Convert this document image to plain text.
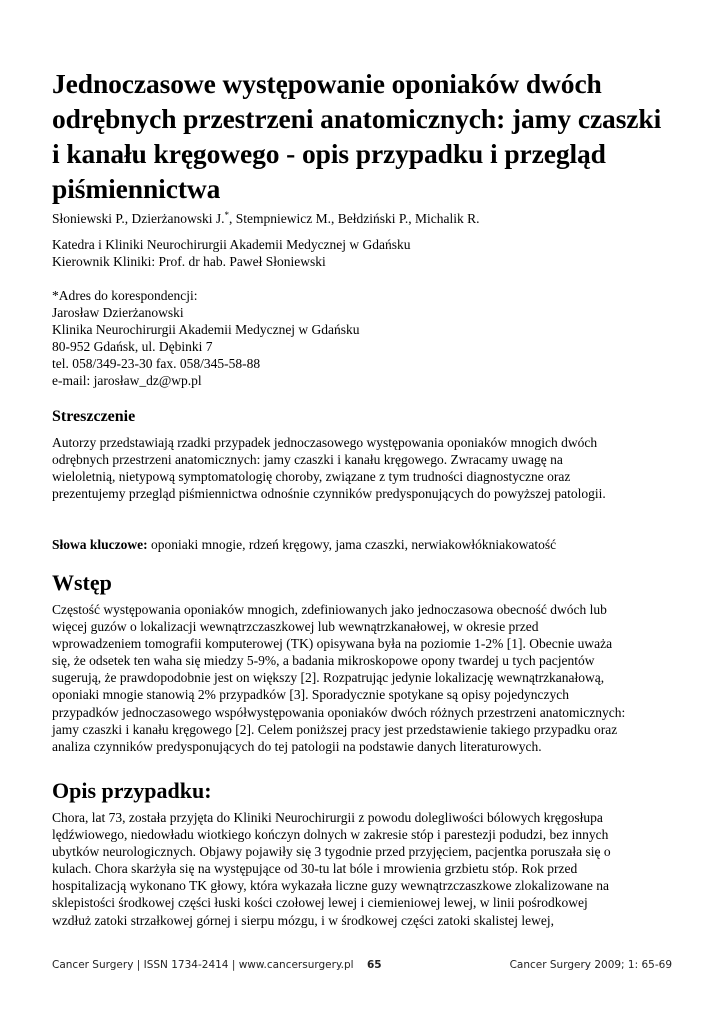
Jednoczasowe występowanie oponiaków dwóch odrębnych przestrzeni anatomicznych: jamy czaszki i kanału kręgowego - opis przypadku i przegląd piśmiennictwa
Słoniewski P., Dzierżanowski J.*, Stempniewicz M., Bełdziński P., Michalik R.
Katedra i Kliniki Neurochirurgii Akademii Medycznej w Gdańsku
Kierownik Kliniki: Prof. dr hab. Paweł Słoniewski
*Adres do korespondencji:
Jarosław Dzierżanowski
Klinika Neurochirurgii Akademii Medycznej w Gdańsku
80-952 Gdańsk, ul. Dębinki 7
tel. 058/349-23-30 fax. 058/345-58-88
e-mail: jarosław_dz@wp.pl
Streszczenie
Autorzy przedstawiają rzadki przypadek jednoczasowego występowania oponiaków mnogich dwóch
odrębnych przestrzeni anatomicznych: jamy czaszki i kanału kręgowego. Zwracamy uwagę na
wieloletnią, nietypową symptomatologię choroby, związane z tym trudności diagnostyczne oraz
prezentujemy przegląd piśmiennictwa odnośnie czynników predysponujących do powyższej patologii.
Słowa kluczowe: oponiaki mnogie, rdzeń kręgowy, jama czaszki, nerwiakowłókniakowatość
Wstęp
Częstość występowania oponiaków mnogich, zdefiniowanych jako jednoczasowa obecność dwóch lub
więcej guzów o lokalizacji wewnątrzczaszkowej lub wewnątrzkanałowej, w okresie przed
wprowadzeniem tomografii komputerowej (TK) opisywana była na poziomie 1-2% [1]. Obecnie uważa
się, że odsetek ten waha się miedzy 5-9%, a badania mikroskopowe opony twardej u tych pacjentów
sugerują, że prawdopodobnie jest on większy [2]. Rozpatrując jedynie lokalizację wewnątrzkanałową,
oponiaki mnogie stanowią 2% przypadków [3]. Sporadycznie spotykane są opisy pojedynczych
przypadków jednoczasowego współwystępowania oponiaków dwóch różnych przestrzeni anatomicznych:
jamy czaszki i kanału kręgowego [2]. Celem poniższej pracy jest przedstawienie takiego przypadku oraz
analiza czynników predysponujących do tej patologii na podstawie danych literaturowych.
Opis przypadku:
Chora, lat 73, została przyjęta do Kliniki Neurochirurgii z powodu dolegliwości bólowych kręgosłupa
lędźwiowego, niedowładu wiotkiego kończyn dolnych w zakresie stóp i parestezji podudzi, bez innych
ubytków neurologicznych. Objawy pojawiły się 3 tygodnie przed przyjęciem, pacjentka poruszała się o
kulach. Chora skarżyła się na występujące od 30-tu lat bóle i mrowienia grzbietu stóp. Rok przed
hospitalizacją wykonano TK głowy, która wykazała liczne guzy wewnątrzczaszkowe zlokalizowane na
sklepistości środkowej części łuski kości czołowej lewej i ciemieniowej lewej, w linii pośrodkowej
wzdłuż zatoki strzałkowej górnej i sierpu mózgu, i w środkowej części zatoki skalistej lewej,
Cancer Surgery | ISSN 1734-2414 | www.cancersurgery.pl 65	Cancer Surgery 2009; 1: 65-69
